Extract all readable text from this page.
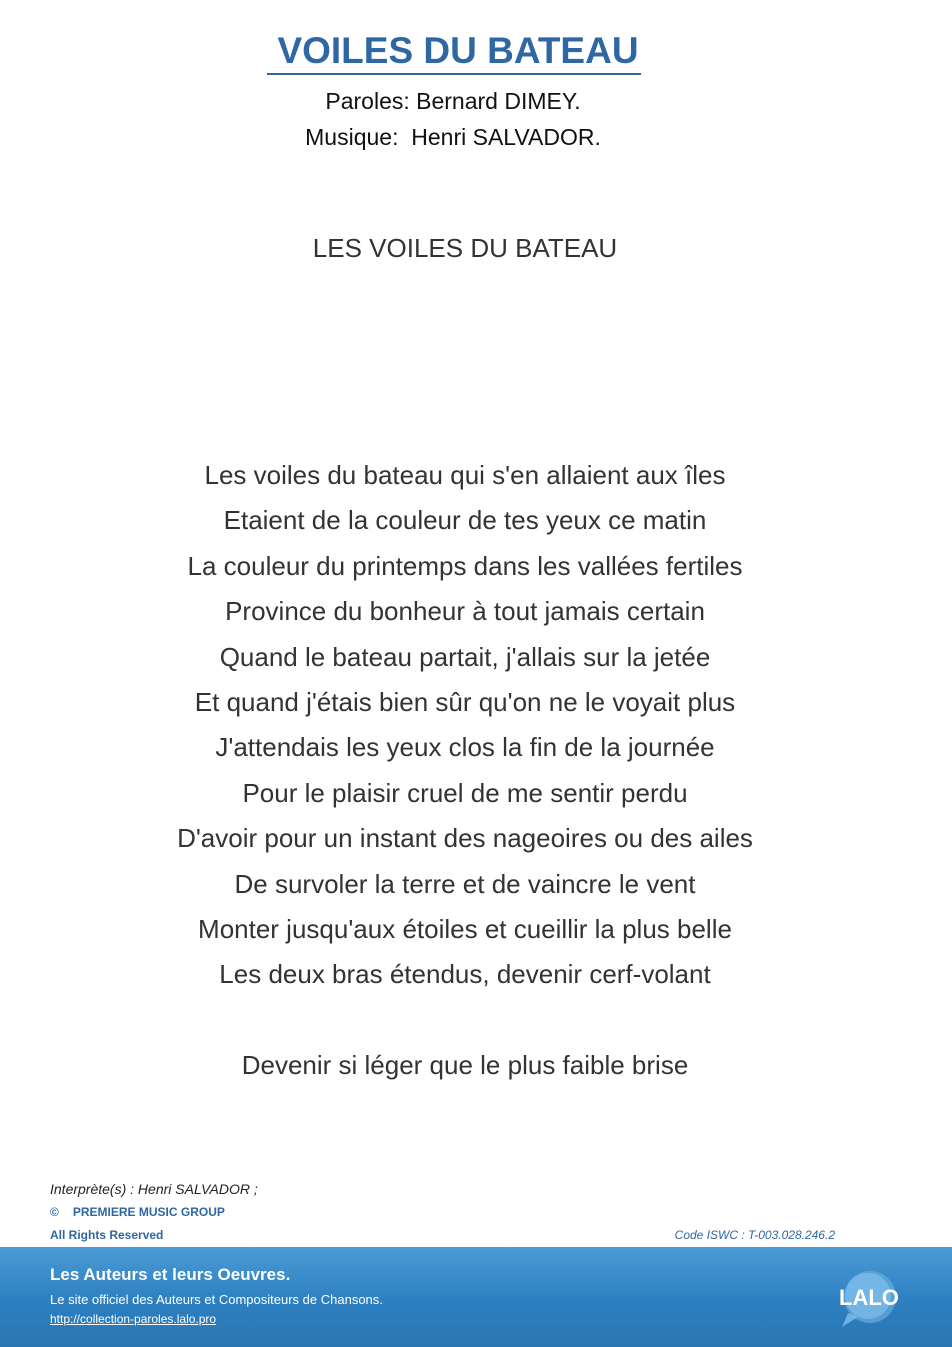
VOILES DU BATEAU
Paroles: Bernard DIMEY.
Musique:  Henri SALVADOR.
LES VOILES DU BATEAU
Les voiles du bateau qui s'en allaient aux îles
Etaient de la couleur de tes yeux ce matin
La couleur du printemps dans les vallées fertiles
Province du bonheur à tout jamais certain
Quand le bateau partait, j'allais sur la jetée
Et quand j'étais bien sûr qu'on ne le voyait plus
J'attendais les yeux clos la fin de la journée
Pour le plaisir cruel de me sentir perdu
D'avoir pour un instant des nageoires ou des ailes
De survoler la terre et de vaincre le vent
Monter jusqu'aux étoiles et cueillir la plus belle
Les deux bras étendus, devenir cerf-volant
Devenir si léger que le plus faible brise
Interprète(s) : Henri SALVADOR ;
© PREMIERE MUSIC GROUP
All Rights Reserved	Code ISWC : T-003.028.246.2
Les Auteurs et leurs Oeuvres.
Le site officiel des Auteurs et Compositeurs de Chansons.
http://collection-paroles.lalo.pro
LALO
